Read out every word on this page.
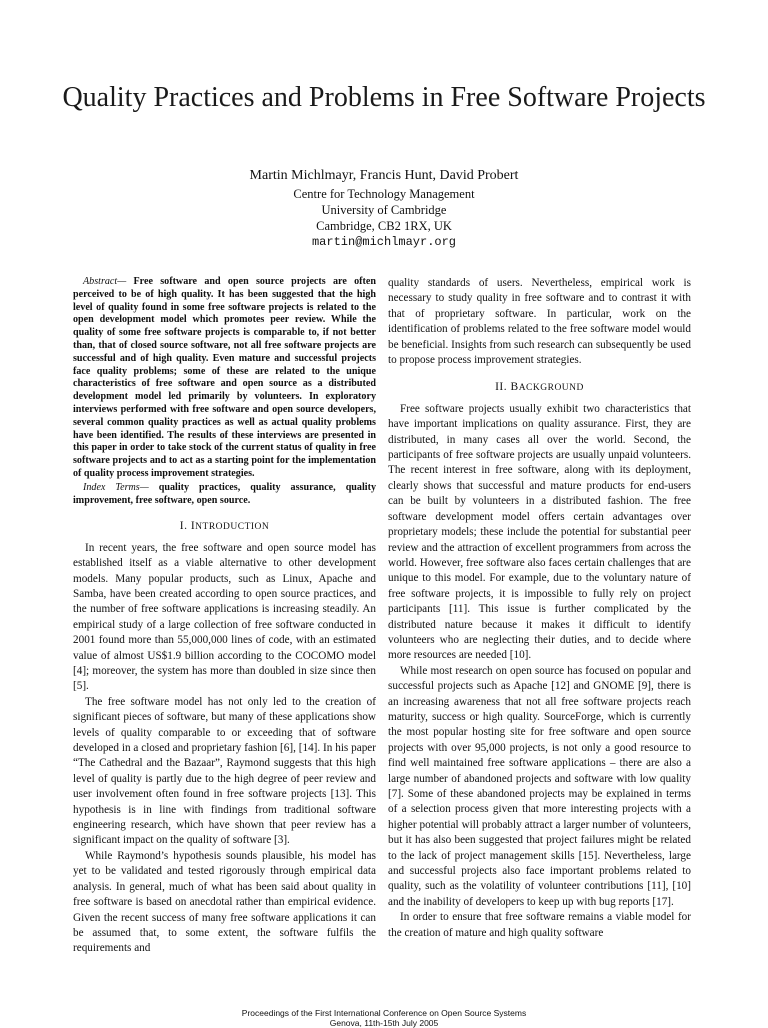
Quality Practices and Problems in Free Software Projects
Martin Michlmayr, Francis Hunt, David Probert
Centre for Technology Management
University of Cambridge
Cambridge, CB2 1RX, UK
martin@michlmayr.org

Abstract— Free software and open source projects are often perceived to be of high quality. It has been suggested that the high level of quality found in some free software projects is related to the open development model which promotes peer review. While the quality of some free software projects is comparable to, if not better than, that of closed source software, not all free software projects are successful and of high quality. Even mature and successful projects face quality problems; some of these are related to the unique characteristics of free software and open source as a distributed development model led primarily by volunteers. In exploratory interviews performed with free software and open source developers, several common quality practices as well as actual quality problems have been identified. The results of these interviews are presented in this paper in order to take stock of the current status of quality in free software projects and to act as a starting point for the implementation of quality process improvement strategies.

Index Terms— quality practices, quality assurance, quality improvement, free software, open source.

I. INTRODUCTION

In recent years, the free software and open source model has established itself as a viable alternative to other development models. Many popular products, such as Linux, Apache and Samba, have been created according to open source practices, and the number of free software applications is increasing steadily. An empirical study of a large collection of free software conducted in 2001 found more than 55,000,000 lines of code, with an estimated value of almost US$1.9 billion according to the COCOMO model [4]; moreover, the system has more than doubled in size since then [5].

The free software model has not only led to the creation of significant pieces of software, but many of these applications show levels of quality comparable to or exceeding that of software developed in a closed and proprietary fashion [6], [14]. In his paper “The Cathedral and the Bazaar”, Raymond suggests that this high level of quality is partly due to the high degree of peer review and user involvement often found in free software projects [13]. This hypothesis is in line with findings from traditional software engineering research, which have shown that peer review has a significant impact on the quality of software [3].

While Raymond’s hypothesis sounds plausible, his model has yet to be validated and tested rigorously through empirical data analysis. In general, much of what has been said about quality in free software is based on anecdotal rather than empirical evidence. Given the recent success of many free software applications it can be assumed that, to some extent, the software fulfils the requirements and

quality standards of users. Nevertheless, empirical work is necessary to study quality in free software and to contrast it with that of proprietary software. In particular, work on the identification of problems related to the free software model would be beneficial. Insights from such research can subsequently be used to propose process improvement strategies.

II. BACKGROUND

Free software projects usually exhibit two characteristics that have important implications on quality assurance. First, they are distributed, in many cases all over the world. Second, the participants of free software projects are usually unpaid volunteers. The recent interest in free software, along with its deployment, clearly shows that successful and mature products for end-users can be built by volunteers in a distributed fashion. The free software development model offers certain advantages over proprietary models; these include the potential for substantial peer review and the attraction of excellent programmers from across the world. However, free software also faces certain challenges that are unique to this model. For example, due to the voluntary nature of free software projects, it is impossible to fully rely on project participants [11]. This issue is further complicated by the distributed nature because it makes it difficult to identify volunteers who are neglecting their duties, and to decide where more resources are needed [10].

While most research on open source has focused on popular and successful projects such as Apache [12] and GNOME [9], there is an increasing awareness that not all free software projects reach maturity, success or high quality. SourceForge, which is currently the most popular hosting site for free software and open source projects with over 95,000 projects, is not only a good resource to find well maintained free software applications – there are also a large number of abandoned projects and software with low quality [7]. Some of these abandoned projects may be explained in terms of a selection process given that more interesting projects with a higher potential will probably attract a larger number of volunteers, but it has also been suggested that project failures might be related to the lack of project management skills [15]. Nevertheless, large and successful projects also face important problems related to quality, such as the volatility of volunteer contributions [11], [10] and the inability of developers to keep up with bug reports [17].

In order to ensure that free software remains a viable model for the creation of mature and high quality software

Proceedings of the First International Conference on Open Source Systems
Genova, 11th-15th July 2005
